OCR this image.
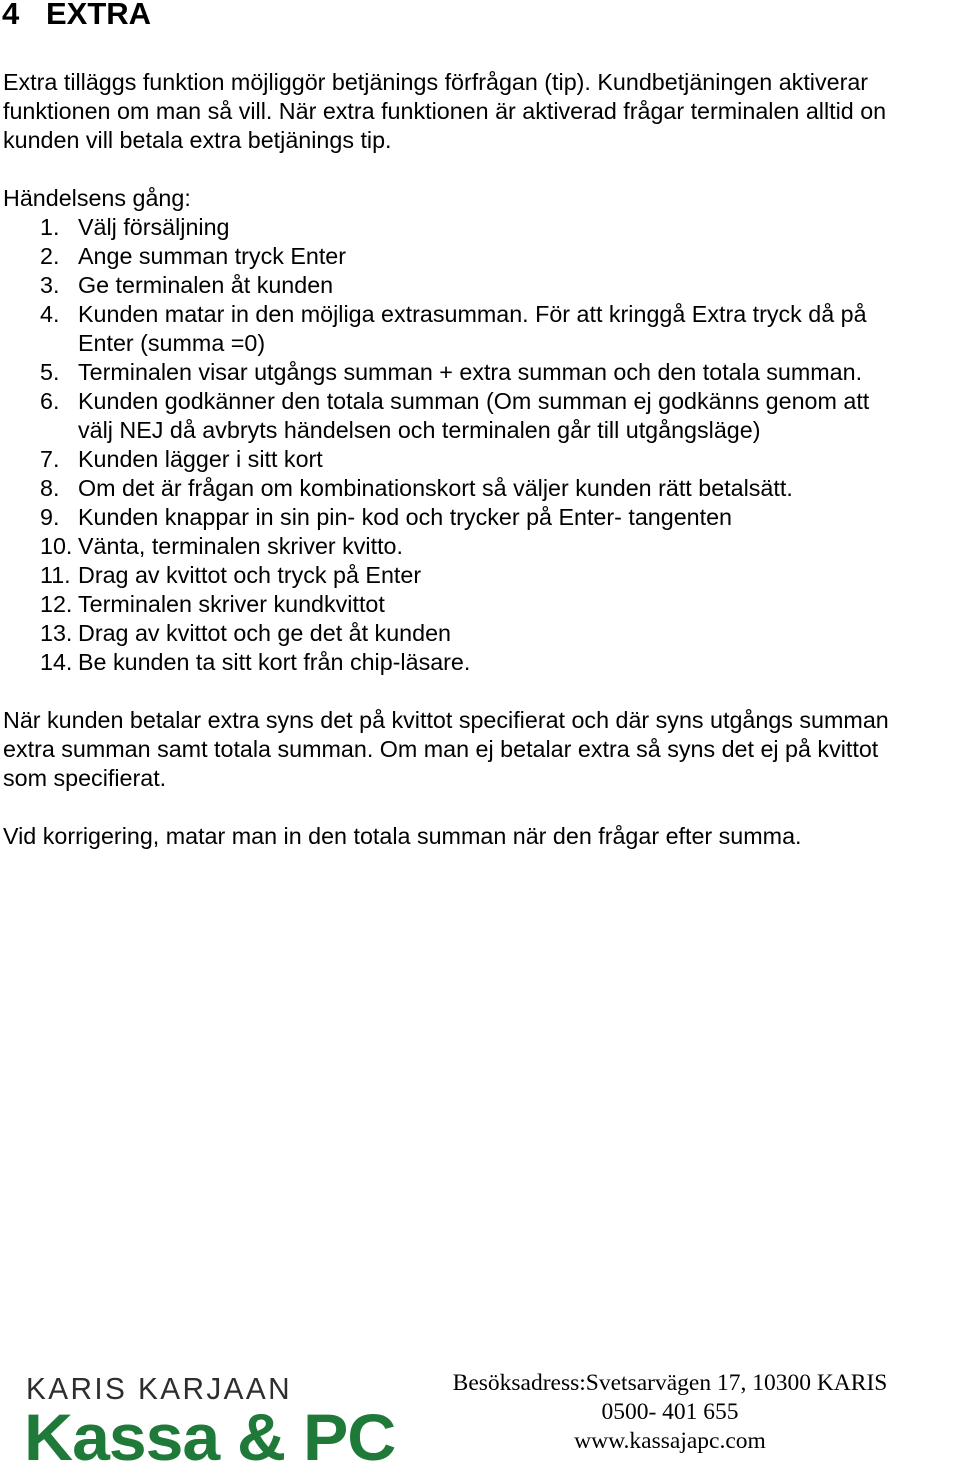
4 EXTRA

Extra tilläggs funktion möjliggör betjänings förfrågan (tip). Kundbetjäningen aktiverar
funktionen om man så vill. När extra funktionen är aktiverad frågar terminalen alltid on
kunden vill betala extra betjänings tip.

Händelsens gång:

1. Välj försäljning
2. Ange summan tryck Enter
3. Ge terminalen åt kunden
4. Kunden matar in den möjliga extrasumman. För att kringgå Extra tryck då på
Enter (summa =0)
5. Terminalen visar utgångs summan + extra summan och den totala summan.
6. Kunden godkänner den totala summan (Om summan ej godkänns genom att
välj NEJ då avbryts händelsen och terminalen går till utgångsläge)
7. Kunden lägger i sitt kort
8. Om det är frågan om kombinationskort så väljer kunden rätt betalsätt.
9. Kunden knappar in sin pin- kod och trycker på Enter- tangenten
10. Vänta, terminalen skriver kvitto.
11. Drag av kvittot och tryck på Enter
12. Terminalen skriver kundkvittot
13. Drag av kvittot och ge det åt kunden
14. Be kunden ta sitt kort från chip-läsare.

När kunden betalar extra syns det på kvittot specifierat och där syns utgångs summan
extra summan samt totala summan. Om man ej betalar extra så syns det ej på kvittot
som specifierat.

Vid korrigering, matar man in den totala summan när den frågar efter summa.

KARIS KARJAAN
Kassa & PC
Besöksadress:Svetsarvägen 17, 10300 KARIS
0500- 401 655
www.kassajapc.com
